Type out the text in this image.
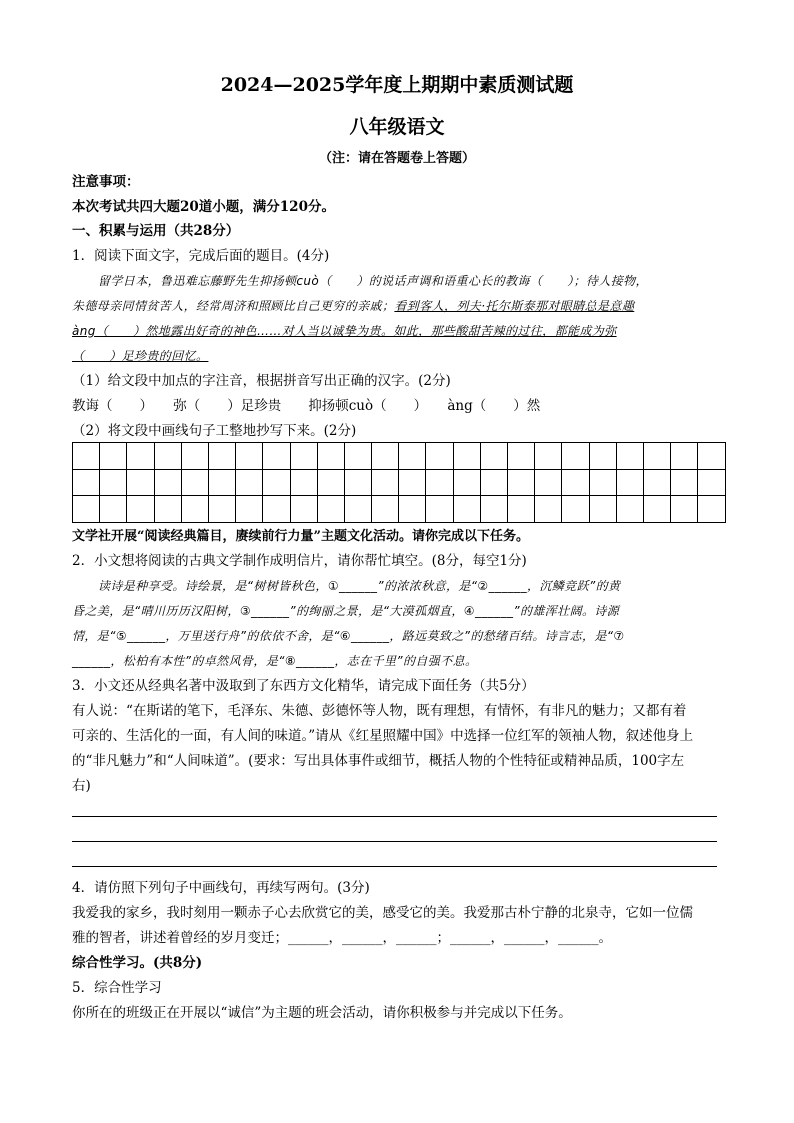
2024—2025学年度上期期中素质测试题
八年级语文
（注：请在答题卷上答题）
注意事项：
本次考试共四大题20道小题，满分120分。
一、积累与运用（共28分）
1．阅读下面文字，完成后面的题目。(4分)
留学日本，鲁迅难忘藤野先生抑扬顿cuò（　　）的说话声调和语重心长的教诲（　　）；待人接物，
朱德母亲同情贫苦人，经常周济和照顾比自己更穷的亲戚；看到客人，列夫·托尔斯泰那对眼睛总是意趣
àng（　　）然地露出好奇的神色……对人当以诚挚为贵。如此，那些酸甜苦辣的过往，都能成为弥
（　　）足珍贵的回忆。
（1）给文段中加点的字注音，根据拼音写出正确的汉字。(2分)
教诲（　　）　　弥（　　）足珍贵　　抑扬顿cuò（　　）　　àng（　　）然
（2）将文段中画线句子工整地抄写下来。(2分)

文学社开展“阅读经典篇目，赓续前行力量”主题文化活动。请你完成以下任务。
2．小文想将阅读的古典文学制作成明信片，请你帮忙填空。(8分，每空1分)
读诗是种享受。诗绘景，是“树树皆秋色，①______”的浓浓秋意，是“②______，沉鳞竞跃”的黄
昏之美，是“晴川历历汉阳树，③______”的绚丽之景，是“大漠孤烟直，④______”的雄浑壮阔。诗源
情，是“⑤______，万里送行舟”的依依不舍，是“⑥______，路远莫致之”的愁绪百结。诗言志，是“⑦
______，松柏有本性”的卓然风骨，是“⑧______，志在千里”的自强不息。
3．小文还从经典名著中汲取到了东西方文化精华，请完成下面任务（共5分）
有人说：“在斯诺的笔下，毛泽东、朱德、彭德怀等人物，既有理想，有情怀，有非凡的魅力；又都有着
可亲的、生活化的一面，有人间的味道。”请从《红星照耀中国》中选择一位红军的领袖人物，叙述他身上
的“非凡魅力”和“人间味道”。(要求：写出具体事件或细节，概括人物的个性特征或精神品质，100字左
右)
4．请仿照下列句子中画线句，再续写两句。(3分)
我爱我的家乡，我时刻用一颗赤子心去欣赏它的美，感受它的美。我爱那古朴宁静的北泉寺，它如一位儒
雅的智者，讲述着曾经的岁月变迁；______，______，______；______，______，______。
综合性学习。(共8分)
5．综合性学习
你所在的班级正在开展以“诚信”为主题的班会活动，请你积极参与并完成以下任务。
